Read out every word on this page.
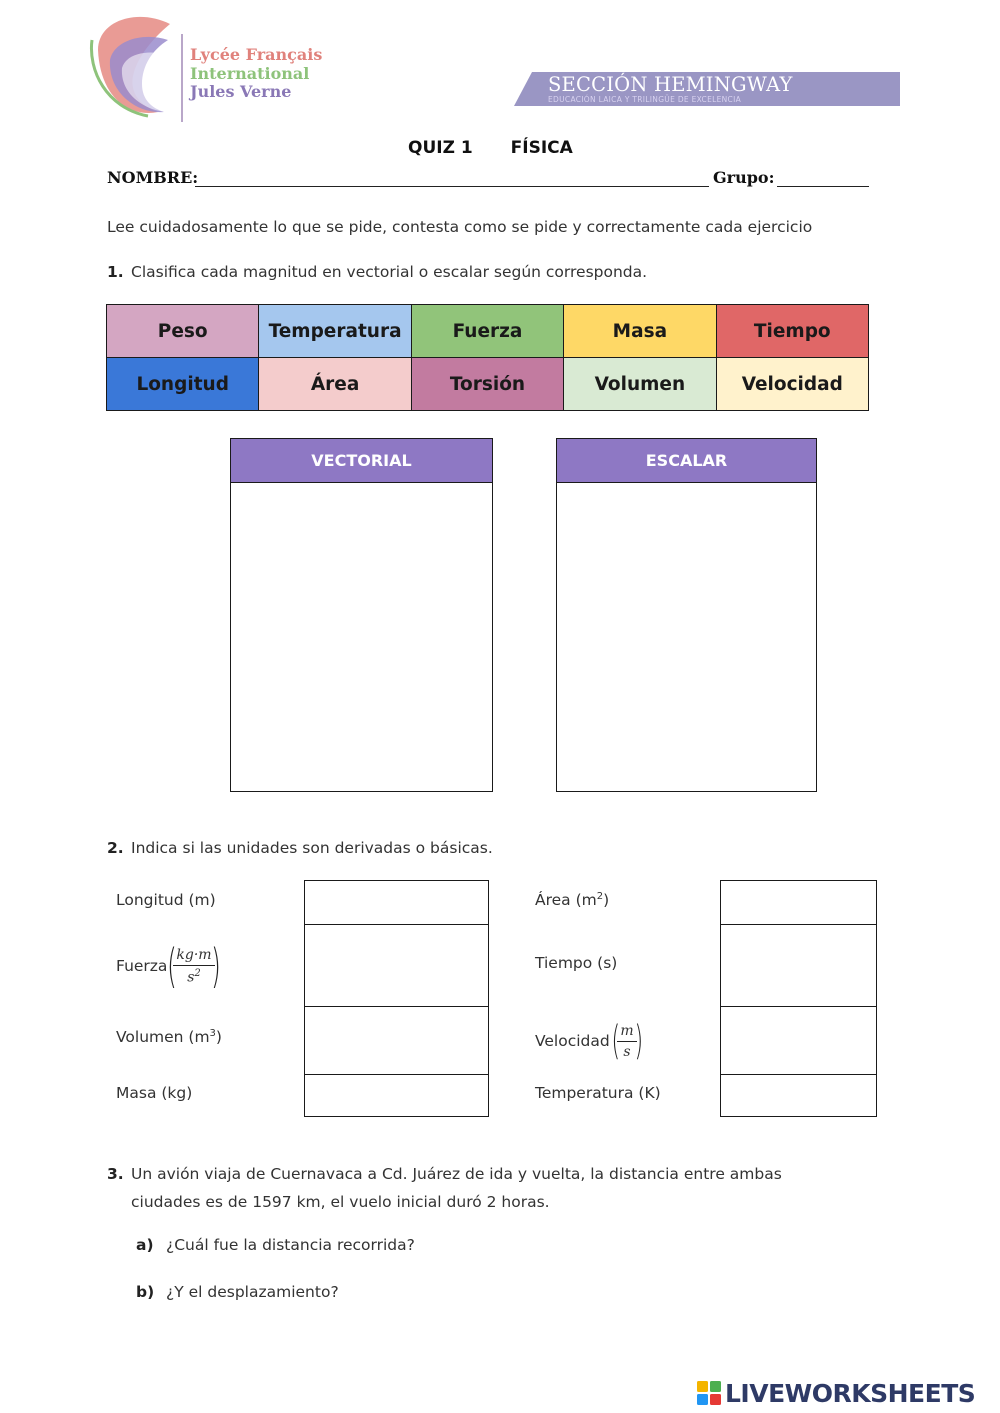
Lycée Français
International
Jules Verne	SECCIÓN HEMINGWAY
EDUCACIÓN LAICA Y TRILINGÜE DE EXCELENCIA
QUIZ 1 FÍSICA
NOMBRE:	Grupo:
Lee cuidadosamente lo que se pide, contesta como se pide y correctamente cada ejercicio
1. Clasifica cada magnitud en vectorial o escalar según corresponda.
Peso	Temperatura	Fuerza	Masa	Tiempo
Longitud	Área	Torsión	Volumen	Velocidad
VECTORIAL	ESCALAR
2. Indica si las unidades son derivadas o básicas.
Longitud (m)
Fuerza (
$\frac{kg\cdot m}{s^2}$
)
Volumen $(m^3)$
Masa (kg)
Área $(m^2)$
Tiempo (s)
Velocidad (
$\frac{m}{s}$
)
Temperatura (K)
3. Un avión viaja de Cuernavaca a Cd. Juárez de ida y vuelta, la distancia entre ambas
ciudades es de 1597 km, el vuelo inicial duró 2 horas.
a) ¿Cuál fue la distancia recorrida?
b) ¿Y el desplazamiento?
LIVEWORKSHEETS
